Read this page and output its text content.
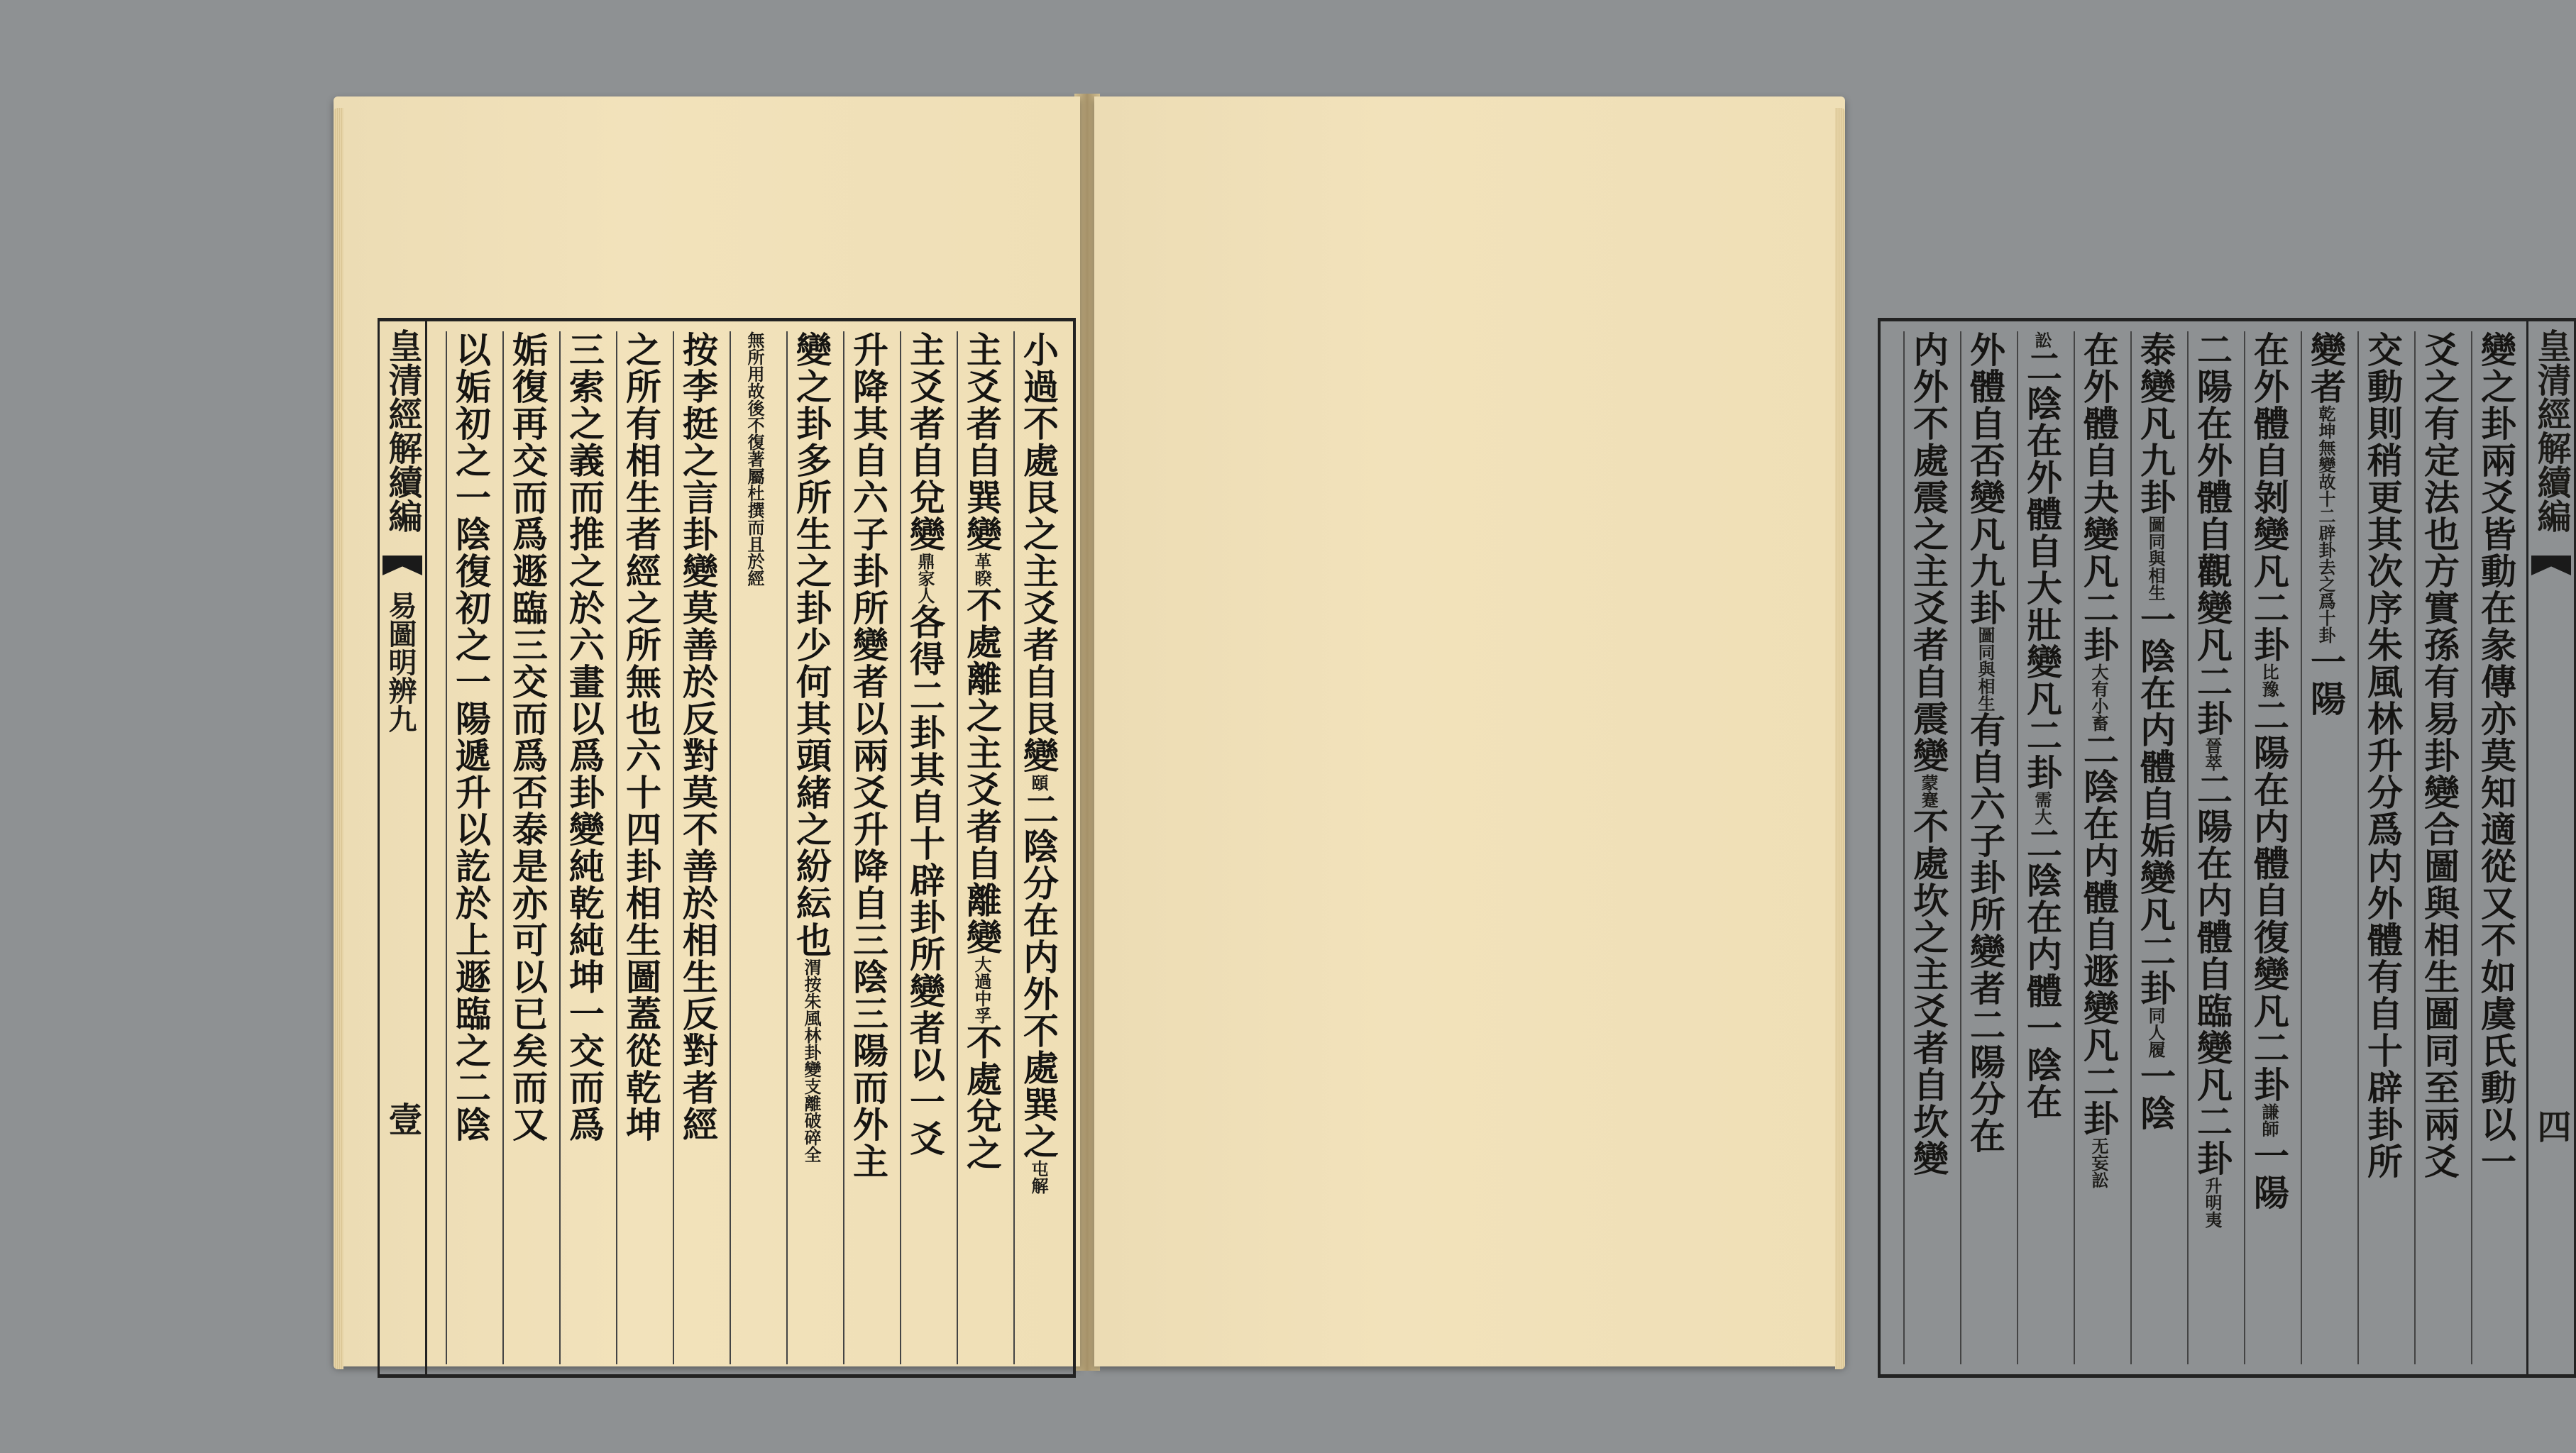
皇清經解續編
易圖明辨九
壹
小過不處艮之主爻者自艮變頤二陰分在内外不處巽之屯解
主爻者自巽變革睽不處離之主爻者自離變大過中孚不處兌之
主爻者自兌變鼎家人各得二卦其自十辟卦所變者以一爻
升降其自六子卦所變者以兩爻升降自三陰三陽而外主
變之卦多所生之卦少何其頭緒之紛紜也渭按朱風林卦變支離破碎全
無所用故後不復著屬杜撰而且於經
按李挺之言卦變莫善於反對莫不善於相生反對者經
之所有相生者經之所無也六十四卦相生圖蓋從乾坤
三索之義而推之於六畫以爲卦變純乾純坤一交而爲
姤復再交而爲遯臨三交而爲否泰是亦可以已矣而又
以姤初之一陰復初之一陽遞升以訖於上遯臨之二陰	變之卦兩爻皆動在彖傳亦莫知適從又不如虞氏動以一
爻之有定法也方實孫有易卦變合圖與相生圖同至兩爻
交動則稍更其次序朱風林升分爲内外體有自十辟卦所
變者乾坤無變故十二辟卦去之爲十卦一陽
在外體自剝變凡二卦比豫二陽在内體自復變凡二卦謙師一陽
二陽在外體自觀變凡二卦晉萃二陽在内體自臨變凡二卦升明夷
泰變凡九卦圖同與相生一陰在内體自姤變凡二卦同人履一陰
在外體自夬變凡二卦大有小畜二陰在内體自遯變凡二卦无妄訟
訟二陰在外體自大壯變凡二卦需大二陰在内體一陰在
外體自否變凡九卦圖同與相生有自六子卦所變者二陽分在
内外不處震之主爻者自震變蒙蹇不處坎之主爻者自坎變
皇清經解續編
四
